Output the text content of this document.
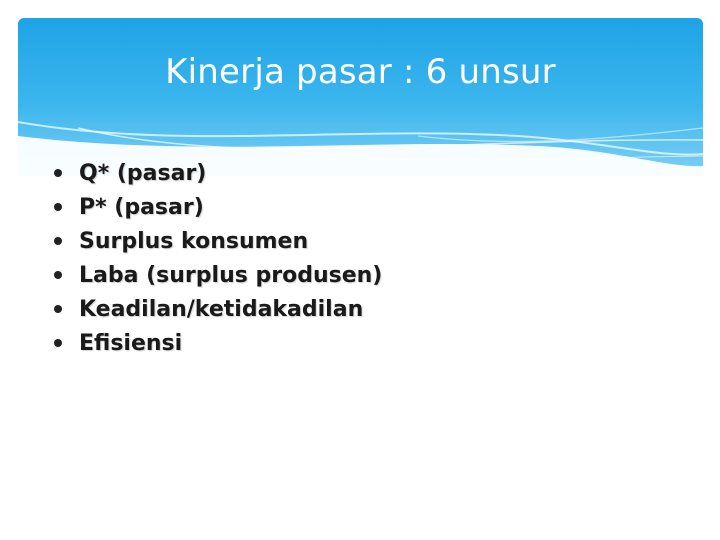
Kinerja pasar : 6 unsur
Q* (pasar)
P* (pasar)
Surplus konsumen
Laba (surplus produsen)
Keadilan/ketidakadilan
Efisiensi
